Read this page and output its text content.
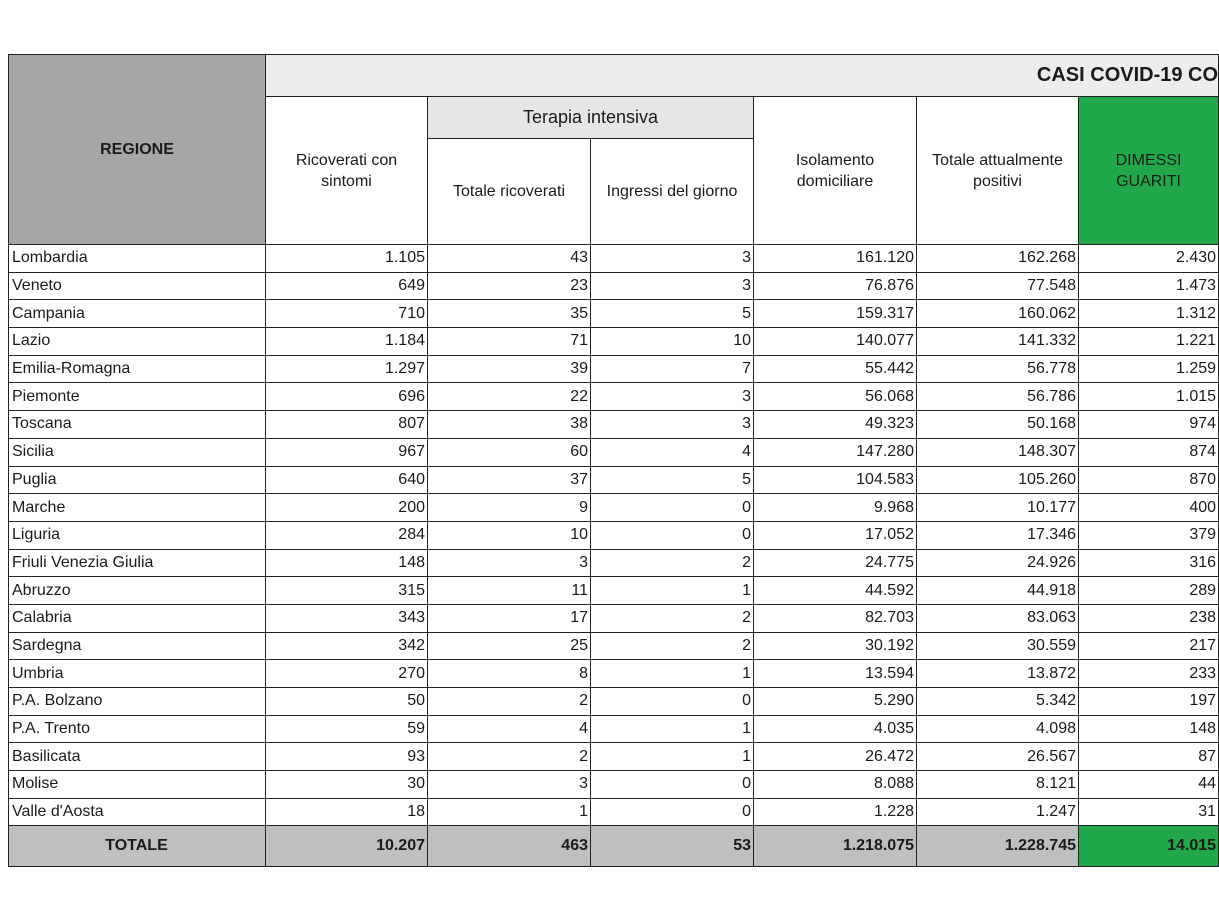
REGIONE	CASI COVID-19 CO					
	Ricoverati con sintomi	Terapia intensiva		Isolamento domiciliare	Totale attualmente positivi	DIMESSI GUARITI
		Totale ricoverati	Ingressi del giorno			
Lombardia	1.105	43	3	161.120	162.268	2.430
Veneto	649	23	3	76.876	77.548	1.473
Campania	710	35	5	159.317	160.062	1.312
Lazio	1.184	71	10	140.077	141.332	1.221
Emilia-Romagna	1.297	39	7	55.442	56.778	1.259
Piemonte	696	22	3	56.068	56.786	1.015
Toscana	807	38	3	49.323	50.168	974
Sicilia	967	60	4	147.280	148.307	874
Puglia	640	37	5	104.583	105.260	870
Marche	200	9	0	9.968	10.177	400
Liguria	284	10	0	17.052	17.346	379
Friuli Venezia Giulia	148	3	2	24.775	24.926	316
Abruzzo	315	11	1	44.592	44.918	289
Calabria	343	17	2	82.703	83.063	238
Sardegna	342	25	2	30.192	30.559	217
Umbria	270	8	1	13.594	13.872	233
P.A. Bolzano	50	2	0	5.290	5.342	197
P.A. Trento	59	4	1	4.035	4.098	148
Basilicata	93	2	1	26.472	26.567	87
Molise	30	3	0	8.088	8.121	44
Valle d'Aosta	18	1	0	1.228	1.247	31
TOTALE	10.207	463	53	1.218.075	1.228.745	14.015
